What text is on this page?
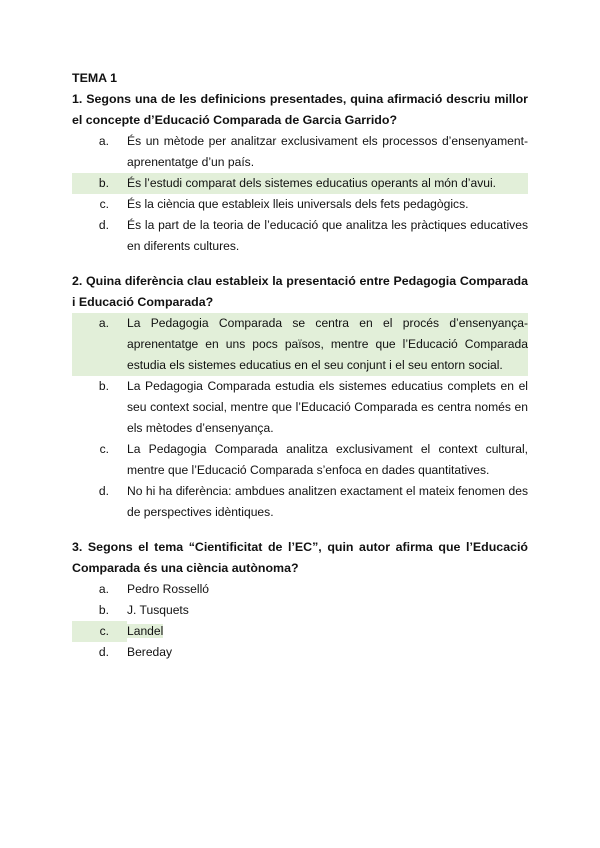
TEMA 1

1. Segons una de les definicions presentades, quina afirmació descriu millor el concepte d’Educació Comparada de Garcia Garrido?

a.	És un mètode per analitzar exclusivament els processos d’ensenyament-aprenentatge d’un país.
b.	És l’estudi comparat dels sistemes educatius operants al món d’avui.
c.	És la ciència que estableix lleis universals dels fets pedagògics.
d.	És la part de la teoria de l’educació que analitza les pràctiques educatives en diferents cultures.

2. Quina diferència clau estableix la presentació entre Pedagogia Comparada i Educació Comparada?

a.	La Pedagogia Comparada se centra en el procés d’ensenyança-aprenentatge en uns pocs països, mentre que l’Educació Comparada estudia els sistemes educatius en el seu conjunt i el seu entorn social.
b.	La Pedagogia Comparada estudia els sistemes educatius complets en el seu context social, mentre que l’Educació Comparada es centra només en els mètodes d’ensenyança.
c.	La Pedagogia Comparada analitza exclusivament el context cultural, mentre que l’Educació Comparada s’enfoca en dades quantitatives.
d.	No hi ha diferència: ambdues analitzen exactament el mateix fenomen des de perspectives idèntiques.

3. Segons el tema “Cientificitat de l’EC”, quin autor afirma que l’Educació Comparada és una ciència autònoma?

a.	Pedro Rosselló
b.	J. Tusquets
c.	Landel
d.	Bereday
